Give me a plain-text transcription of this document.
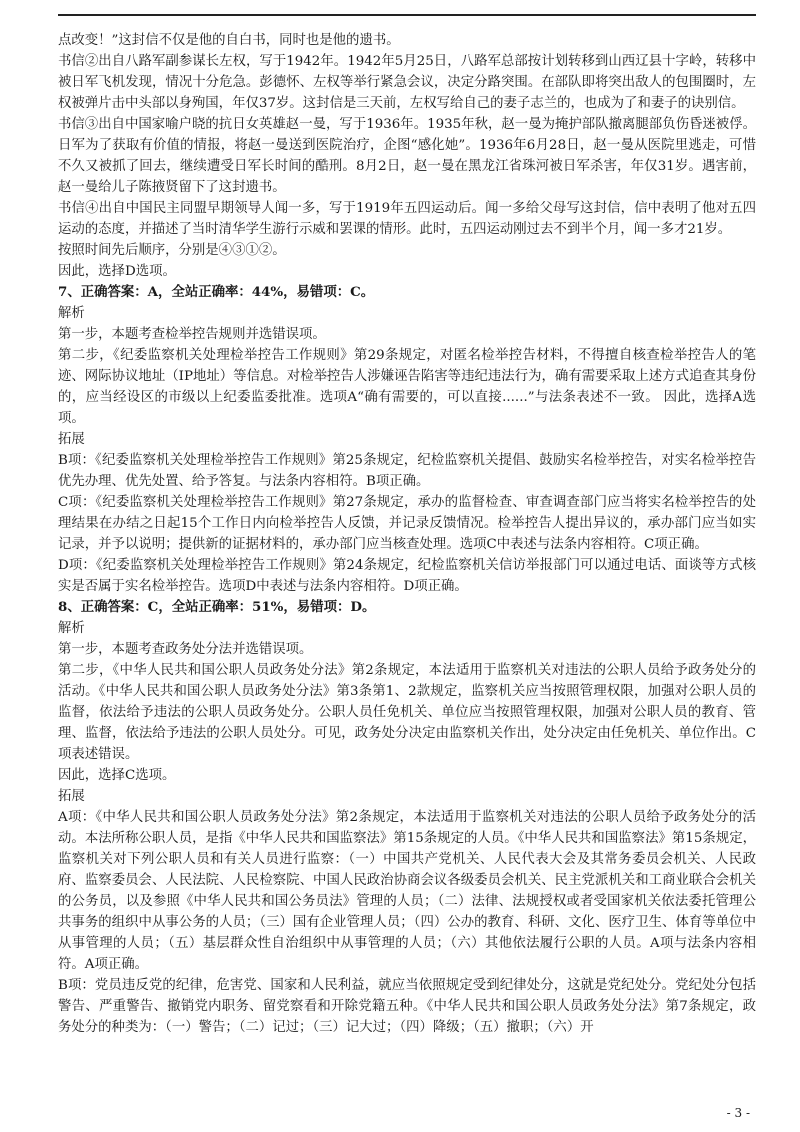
点改变！”这封信不仅是他的自白书，同时也是他的遗书。

书信②出自八路军副参谋长左权，写于1942年。1942年5月25日，八路军总部按计划转移到山西辽县十字岭，转移中被日军飞机发现，情况十分危急。彭德怀、左权等举行紧急会议，决定分路突围。在部队即将突出敌人的包围圈时，左权被弹片击中头部以身殉国，年仅37岁。这封信是三天前，左权写给自己的妻子志兰的，也成为了和妻子的诀别信。

书信③出自中国家喻户晓的抗日女英雄赵一曼，写于1936年。1935年秋，赵一曼为掩护部队撤离腿部负伤昏迷被俘。日军为了获取有价值的情报，将赵一曼送到医院治疗，企图“感化她”。1936年6月28日，赵一曼从医院里逃走，可惜不久又被抓了回去，继续遭受日军长时间的酷刑。8月2日，赵一曼在黑龙江省珠河被日军杀害，年仅31岁。遇害前，赵一曼给儿子陈掖贤留下了这封遗书。

书信④出自中国民主同盟早期领导人闻一多，写于1919年五四运动后。闻一多给父母写这封信，信中表明了他对五四运动的态度，并描述了当时清华学生游行示威和罢课的情形。此时，五四运动刚过去不到半个月，闻一多才21岁。

按照时间先后顺序，分别是④③①②。

因此，选择D选项。

7、正确答案：A，全站正确率：44%，易错项：C。

解析

第一步，本题考查检举控告规则并选错误项。

第二步，《纪委监察机关处理检举控告工作规则》第29条规定，对匿名检举控告材料，不得擅自核查检举控告人的笔迹、网际协议地址（IP地址）等信息。对检举控告人涉嫌诬告陷害等违纪违法行为，确有需要采取上述方式追查其身份的，应当经设区的市级以上纪委监委批准。选项A“确有需要的，可以直接......”与法条表述不一致。 因此，选择A选项。

拓展

B项：《纪委监察机关处理检举控告工作规则》第25条规定，纪检监察机关提倡、鼓励实名检举控告，对实名检举控告优先办理、优先处置、给予答复。与法条内容相符。B项正确。

C项：《纪委监察机关处理检举控告工作规则》第27条规定，承办的监督检查、审查调查部门应当将实名检举控告的处理结果在办结之日起15个工作日内向检举控告人反馈，并记录反馈情况。检举控告人提出异议的，承办部门应当如实记录，并予以说明；提供新的证据材料的，承办部门应当核查处理。选项C中表述与法条内容相符。C项正确。

D项：《纪委监察机关处理检举控告工作规则》第24条规定，纪检监察机关信访举报部门可以通过电话、面谈等方式核实是否属于实名检举控告。选项D中表述与法条内容相符。D项正确。

8、正确答案：C，全站正确率：51%，易错项：D。

解析

第一步，本题考查政务处分法并选错误项。

第二步，《中华人民共和国公职人员政务处分法》第2条规定，本法适用于监察机关对违法的公职人员给予政务处分的活动。《中华人民共和国公职人员政务处分法》第3条第1、2款规定，监察机关应当按照管理权限，加强对公职人员的监督，依法给予违法的公职人员政务处分。公职人员任免机关、单位应当按照管理权限，加强对公职人员的教育、管理、监督，依法给予违法的公职人员处分。可见，政务处分决定由监察机关作出，处分决定由任免机关、单位作出。C项表述错误。

因此，选择C选项。

拓展

A项：《中华人民共和国公职人员政务处分法》第2条规定，本法适用于监察机关对违法的公职人员给予政务处分的活动。本法所称公职人员，是指《中华人民共和国监察法》第15条规定的人员。《中华人民共和国监察法》第15条规定，监察机关对下列公职人员和有关人员进行监察：（一）中国共产党机关、人民代表大会及其常务委员会机关、人民政府、监察委员会、人民法院、人民检察院、中国人民政治协商会议各级委员会机关、民主党派机关和工商业联合会机关的公务员，以及参照《中华人民共和国公务员法》管理的人员；（二）法律、法规授权或者受国家机关依法委托管理公共事务的组织中从事公务的人员；（三）国有企业管理人员；（四）公办的教育、科研、文化、医疗卫生、体育等单位中从事管理的人员；（五）基层群众性自治组织中从事管理的人员；（六）其他依法履行公职的人员。A项与法条内容相符。A项正确。

B项：党员违反党的纪律，危害党、国家和人民利益，就应当依照规定受到纪律处分，这就是党纪处分。党纪处分包括警告、严重警告、撤销党内职务、留党察看和开除党籍五种。《中华人民共和国公职人员政务处分法》第7条规定，政务处分的种类为：（一）警告；（二）记过；（三）记大过；（四）降级；（五）撤职；（六）开

- 3 -
